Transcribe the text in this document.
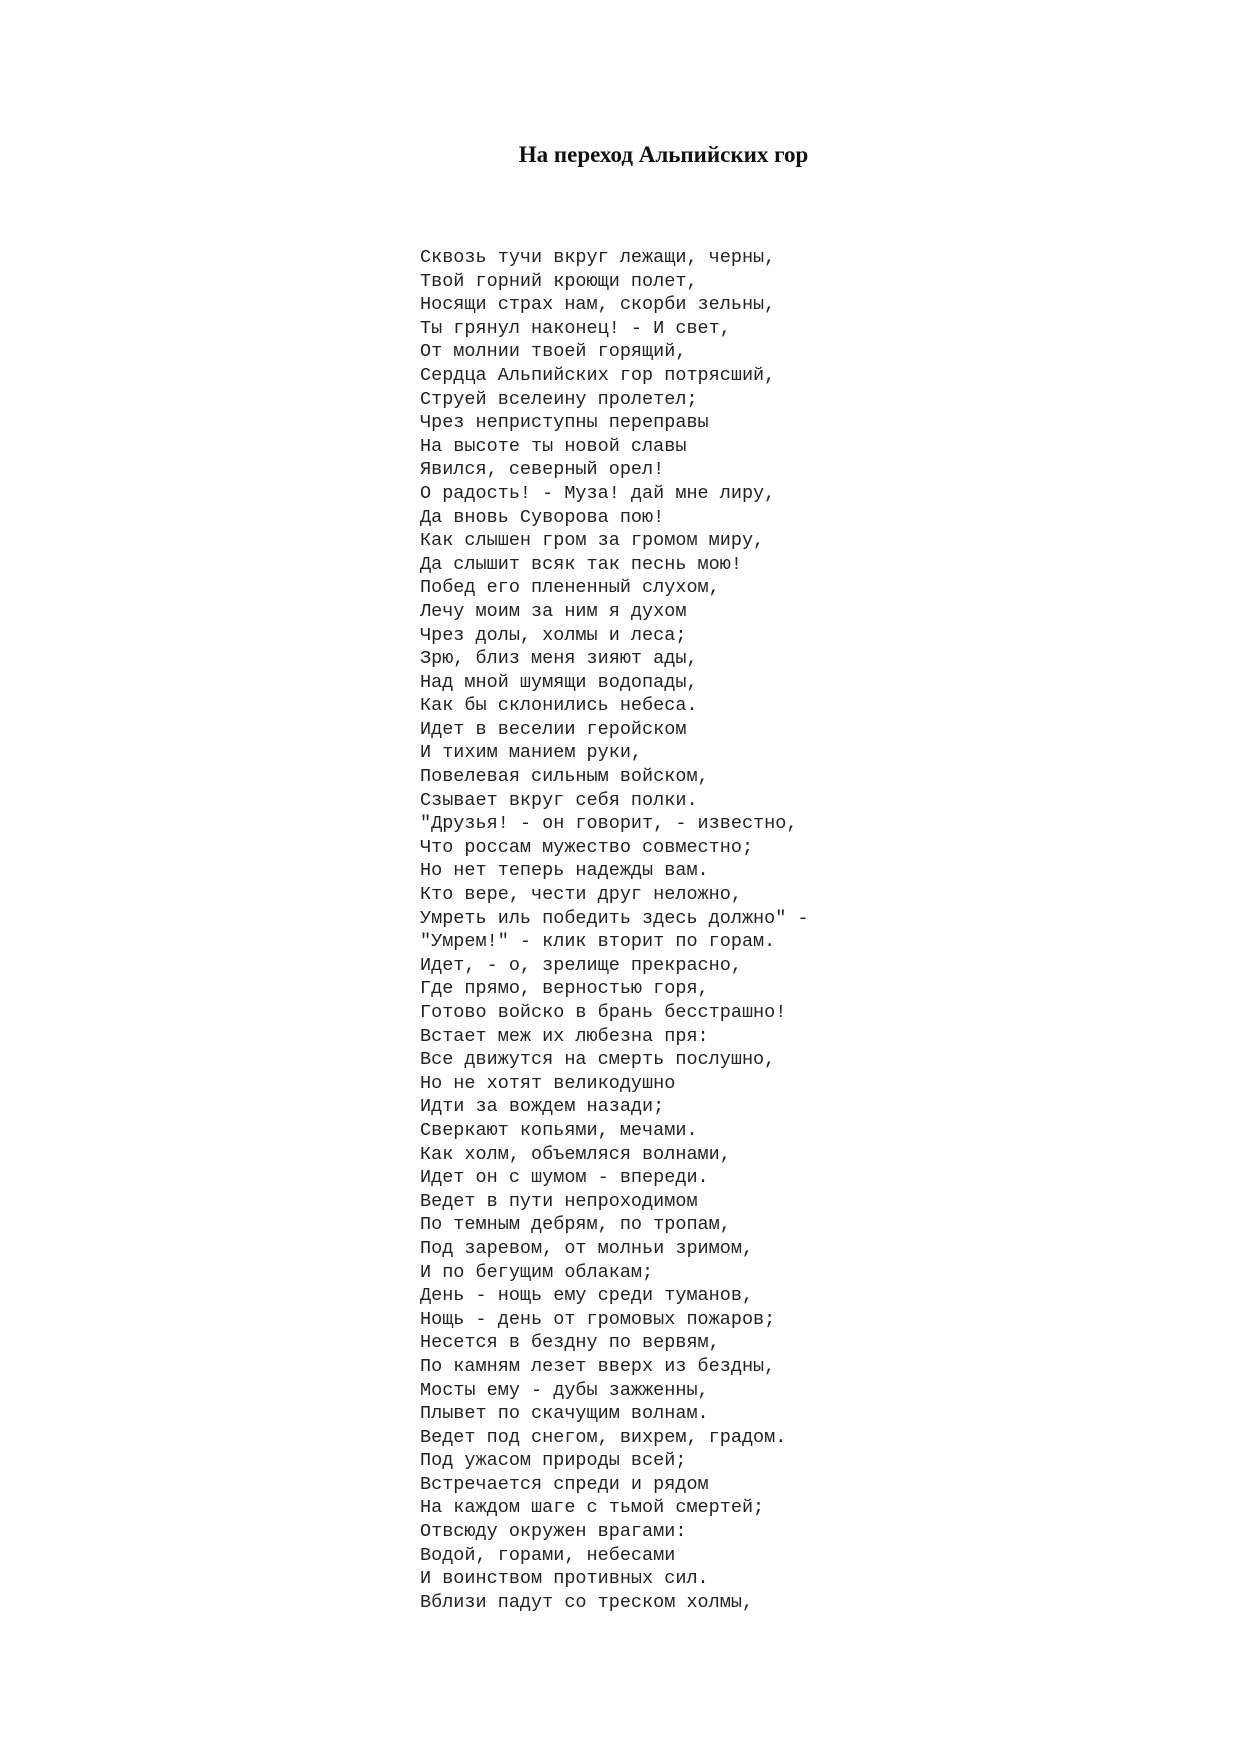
На переход Альпийских гор
Сквозь тучи вкруг лежащи, черны,
Твой горний кроющи полет,
Носящи страх нам, скорби зельны,
Ты грянул наконец! - И свет,
От молнии твоей горящий,
Сердца Альпийских гор потрясший,
Струей вселеину пролетел;
Чрез неприступны переправы
На высоте ты новой славы
Явился, северный орел!
О радость! - Муза! дай мне лиру,
Да вновь Суворова пою!
Как слышен гром за громом миру,
Да слышит всяк так песнь мою!
Побед его плененный слухом,
Лечу моим за ним я духом
Чрез долы, холмы и леса;
Зрю, близ меня зияют ады,
Над мной шумящи водопады,
Как бы склонились небеса.
Идет в веселии геройском
И тихим манием руки,
Повелевая сильным войском,
Сзывает вкруг себя полки.
"Друзья! - он говорит, - известно,
Что россам мужество совместно;
Но нет теперь надежды вам.
Кто вере, чести друг неложно,
Умреть иль победить здесь должно" -
"Умрем!" - клик вторит по горам.
Идет, - о, зрелище прекрасно,
Где прямо, верностью горя,
Готово войско в брань бесстрашно!
Встает меж их любезна пря:
Все движутся на смерть послушно,
Но не хотят великодушно
Идти за вождем назади;
Сверкают копьями, мечами.
Как холм, объемляся волнами,
Идет он с шумом - впереди.
Ведет в пути непроходимом
По темным дебрям, по тропам,
Под заревом, от молньи зримом,
И по бегущим облакам;
День - нощь ему среди туманов,
Нощь - день от громовых пожаров;
Несется в бездну по вервям,
По камням лезет вверх из бездны,
Мосты ему - дубы зажженны,
Плывет по скачущим волнам.
Ведет под снегом, вихрем, градом.
Под ужасом природы всей;
Встречается спреди и рядом
На каждом шаге с тьмой смертей;
Отвсюду окружен врагами:
Водой, горами, небесами
И воинством противных сил.
Вблизи падут со треском холмы,
